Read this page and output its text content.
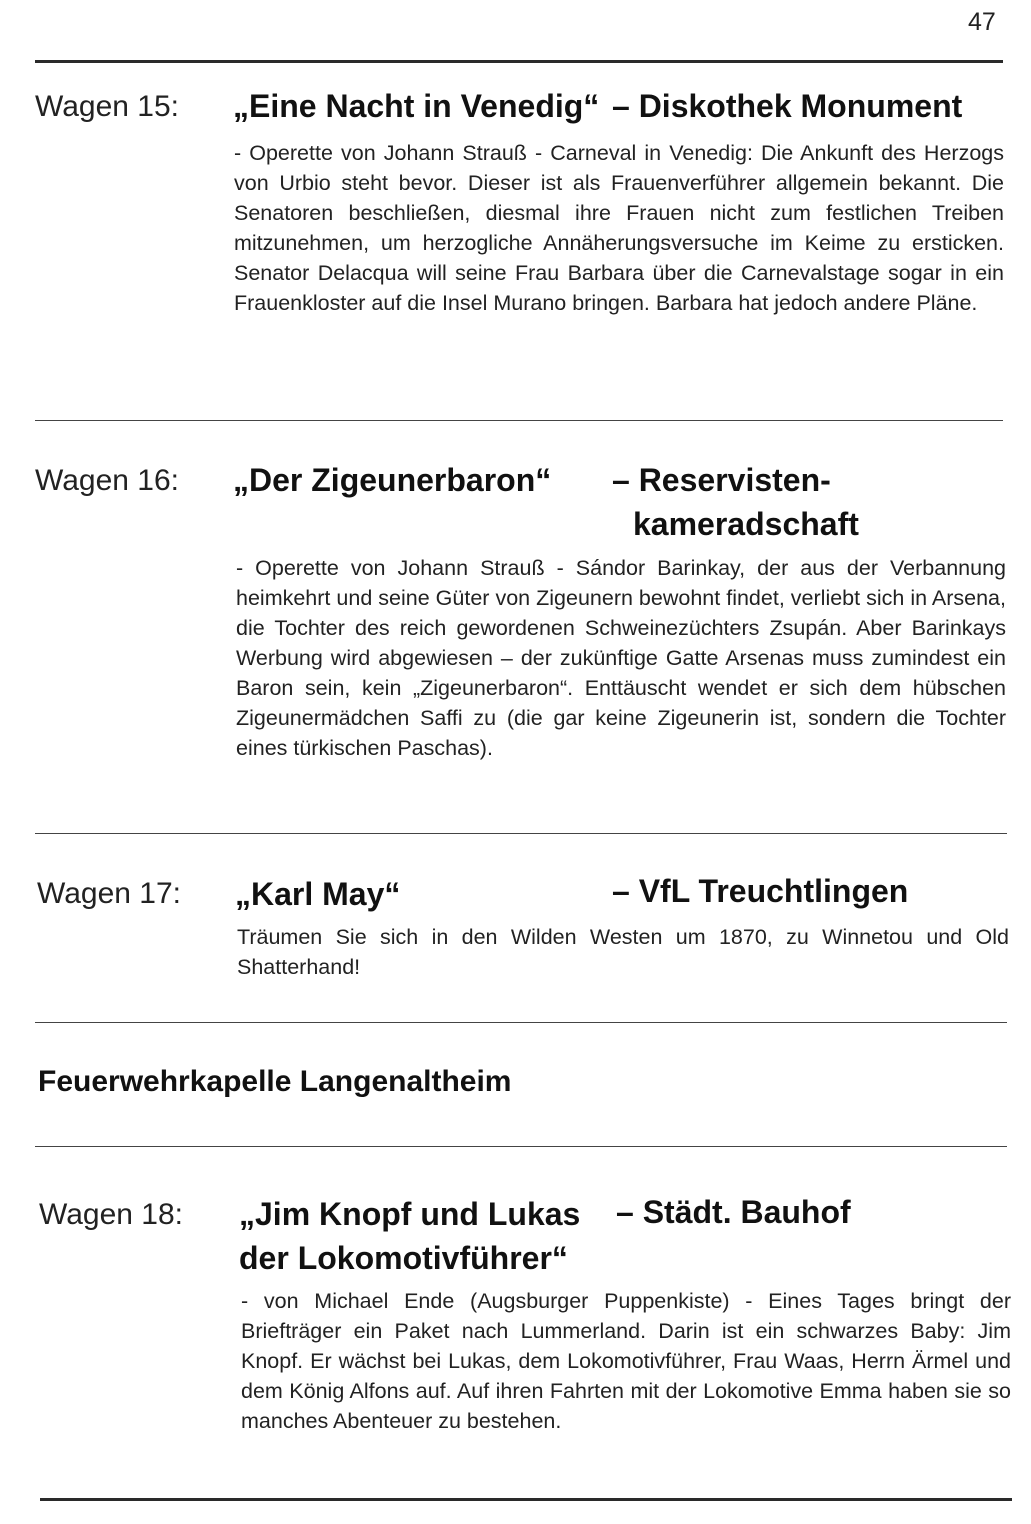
47
Wagen 15: „Eine Nacht in Venedig“ – Diskothek Monument
- Operette von Johann Strauß - Carneval in Venedig: Die Ankunft des Herzogs von Urbio steht bevor. Dieser ist als Frauenverführer allgemein bekannt. Die Senatoren beschließen, diesmal ihre Frauen nicht zum festlichen Treiben mitzunehmen, um herzogliche Annäherungsversuche im Keime zu ersticken. Senator Delacqua will seine Frau Barbara über die Carnevalstage sogar in ein Frauenkloster auf die Insel Murano bringen. Barbara hat jedoch andere Pläne.
Wagen 16: „Der Zigeunerbaron“ – Reservisten-
kameradschaft
- Operette von Johann Strauß - Sándor Barinkay, der aus der Verbannung heimkehrt und seine Güter von Zigeunern bewohnt findet, verliebt sich in Arsena, die Tochter des reich gewordenen Schweinezüchters Zsupán. Aber Barinkays Werbung wird abgewiesen – der zukünftige Gatte Arsenas muss zumindest ein Baron sein, kein „Zigeunerbaron“. Enttäuscht wendet er sich dem hübschen Zigeunermädchen Saffi zu (die gar keine Zigeunerin ist, sondern die Tochter eines türkischen Paschas).
Wagen 17: „Karl May“	– VfL Treuchtlingen
Träumen Sie sich in den Wilden Westen um 1870, zu Winnetou und Old Shatterhand!
Feuerwehrkapelle Langenaltheim
Wagen 18: „Jim Knopf und Lukas – Städt. Bauhof
der Lokomotivführer“
- von Michael Ende (Augsburger Puppenkiste) - Eines Tages bringt der Briefträger ein Paket nach Lummerland. Darin ist ein schwarzes Baby: Jim Knopf. Er wächst bei Lukas, dem Lokomotivführer, Frau Waas, Herrn Ärmel und dem König Alfons auf. Auf ihren Fahrten mit der Lokomotive Emma haben sie so manches Abenteuer zu bestehen.
